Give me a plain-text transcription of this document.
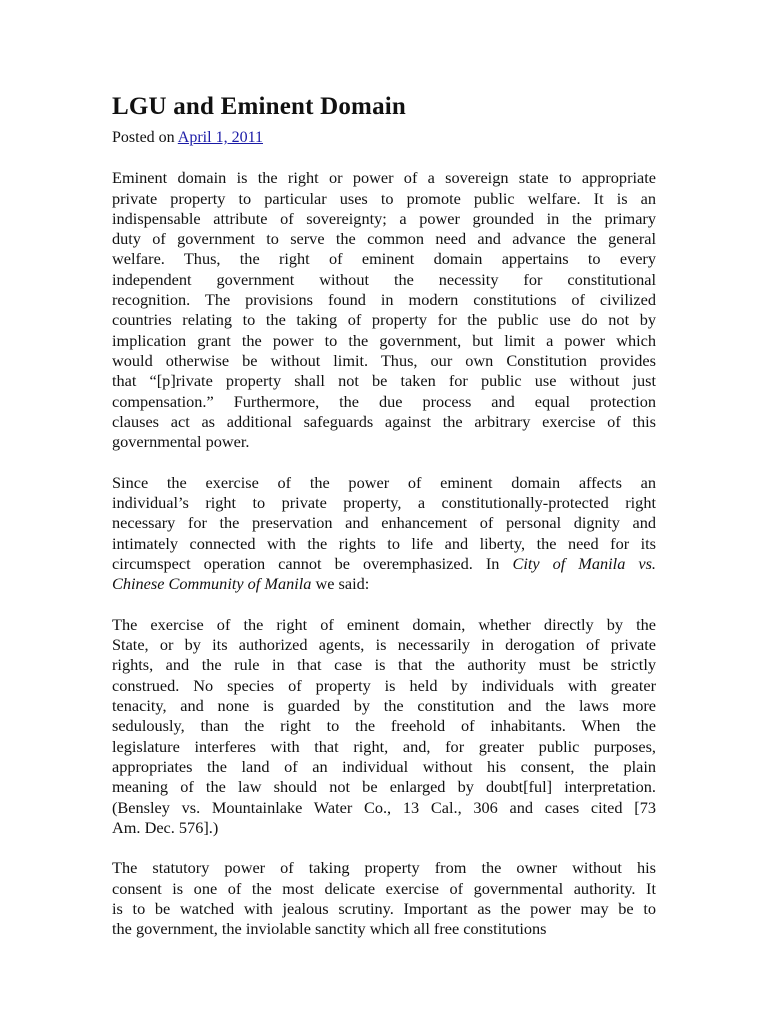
LGU and Eminent Domain
Posted on April 1, 2011
Eminent domain is the right or power of a sovereign state to appropriate
private property to particular uses to promote public welfare. It is an
indispensable attribute of sovereignty; a power grounded in the primary
duty of government to serve the common need and advance the general
welfare. Thus, the right of eminent domain appertains to every
independent government without the necessity for constitutional
recognition. The provisions found in modern constitutions of civilized
countries relating to the taking of property for the public use do not by
implication grant the power to the government, but limit a power which
would otherwise be without limit. Thus, our own Constitution provides
that “[p]rivate property shall not be taken for public use without just
compensation.” Furthermore, the due process and equal protection
clauses act as additional safeguards against the arbitrary exercise of this
governmental power.
Since the exercise of the power of eminent domain affects an
individual’s right to private property, a constitutionally-protected right
necessary for the preservation and enhancement of personal dignity and
intimately connected with the rights to life and liberty, the need for its
circumspect operation cannot be overemphasized. In City of Manila vs.
Chinese Community of Manila we said:
The exercise of the right of eminent domain, whether directly by the
State, or by its authorized agents, is necessarily in derogation of private
rights, and the rule in that case is that the authority must be strictly
construed. No species of property is held by individuals with greater
tenacity, and none is guarded by the constitution and the laws more
sedulously, than the right to the freehold of inhabitants. When the
legislature interferes with that right, and, for greater public purposes,
appropriates the land of an individual without his consent, the plain
meaning of the law should not be enlarged by doubt[ful] interpretation.
(Bensley vs. Mountainlake Water Co., 13 Cal., 306 and cases cited [73
Am. Dec. 576].)
The statutory power of taking property from the owner without his
consent is one of the most delicate exercise of governmental authority. It
is to be watched with jealous scrutiny. Important as the power may be to
the government, the inviolable sanctity which all free constitutions
